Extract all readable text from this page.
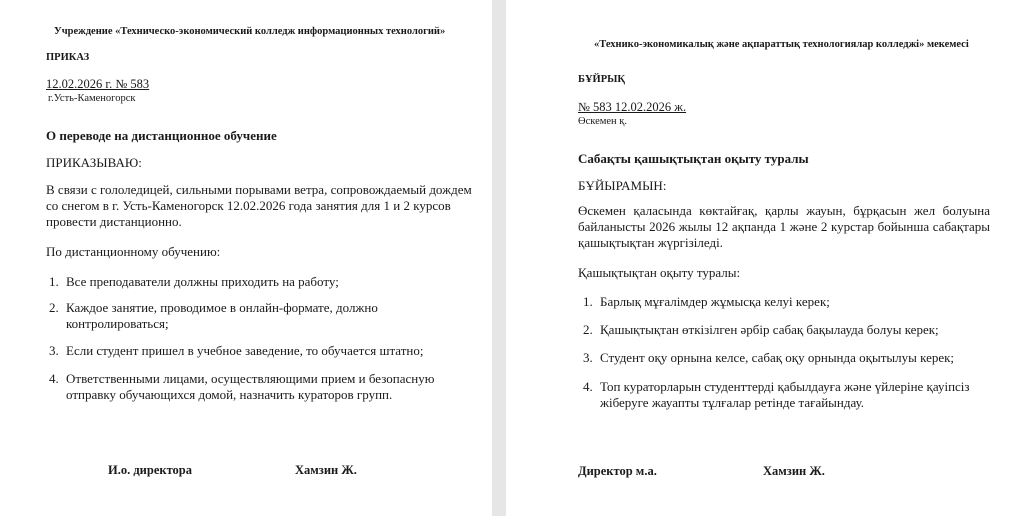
Учреждение «Техническо-экономический колледж информационных технологий»

ПРИКАЗ

12.02.2026 г. № 583

г.Усть-Каменогорск

О переводе на дистанционное обучение

ПРИКАЗЫВАЮ:

В связи с гололедицей, сильными порывами ветра, сопровождаемый дождем

со снегом в г. Усть-Каменогорск 12.02.2026 года занятия для 1 и 2 курсов

провести дистанционно.

По дистанционному обучению:

1. Все преподаватели должны приходить на работу;
2. Каждое занятие, проводимое в онлайн-формате, должно
контролироваться;
3. Если студент пришел в учебное заведение, то обучается штатно;
4. Ответственными лицами, осуществляющими прием и безопасную
отправку обучающихся домой, назначить кураторов групп.

И.о. директора	Хамзин Ж.

«Техникo-экономикалық және ақпараттық технологиялар колледжі» мекемесі

БҰЙРЫҚ

№ 583 12.02.2026 ж.

Өскемен қ.

Сабақты қашықтықтан оқыту туралы

БҰЙЫРАМЫН:

Өскемен қаласында көктайғақ, қарлы жауын, бұрқасын жел болуына

байланысты 2026 жылы 12 ақпанда 1 және 2 курстар бойынша сабақтары

қашықтықтан жүргізіледі.

Қашықтықтан оқыту туралы:

1. Барлық мұғалімдер жұмысқа келуі керек;
2. Қашықтықтан өткізілген әрбір сабақ бақылауда болуы керек;
3. Студент оқу орнына келсе, сабақ оқу орнында оқытылуы керек;
4. Топ кураторларын студенттерді қабылдауға және үйлеріне қауіпсіз
жіберуге жауапты тұлғалар ретінде тағайындау.

Директор м.а.	Хамзин Ж.
